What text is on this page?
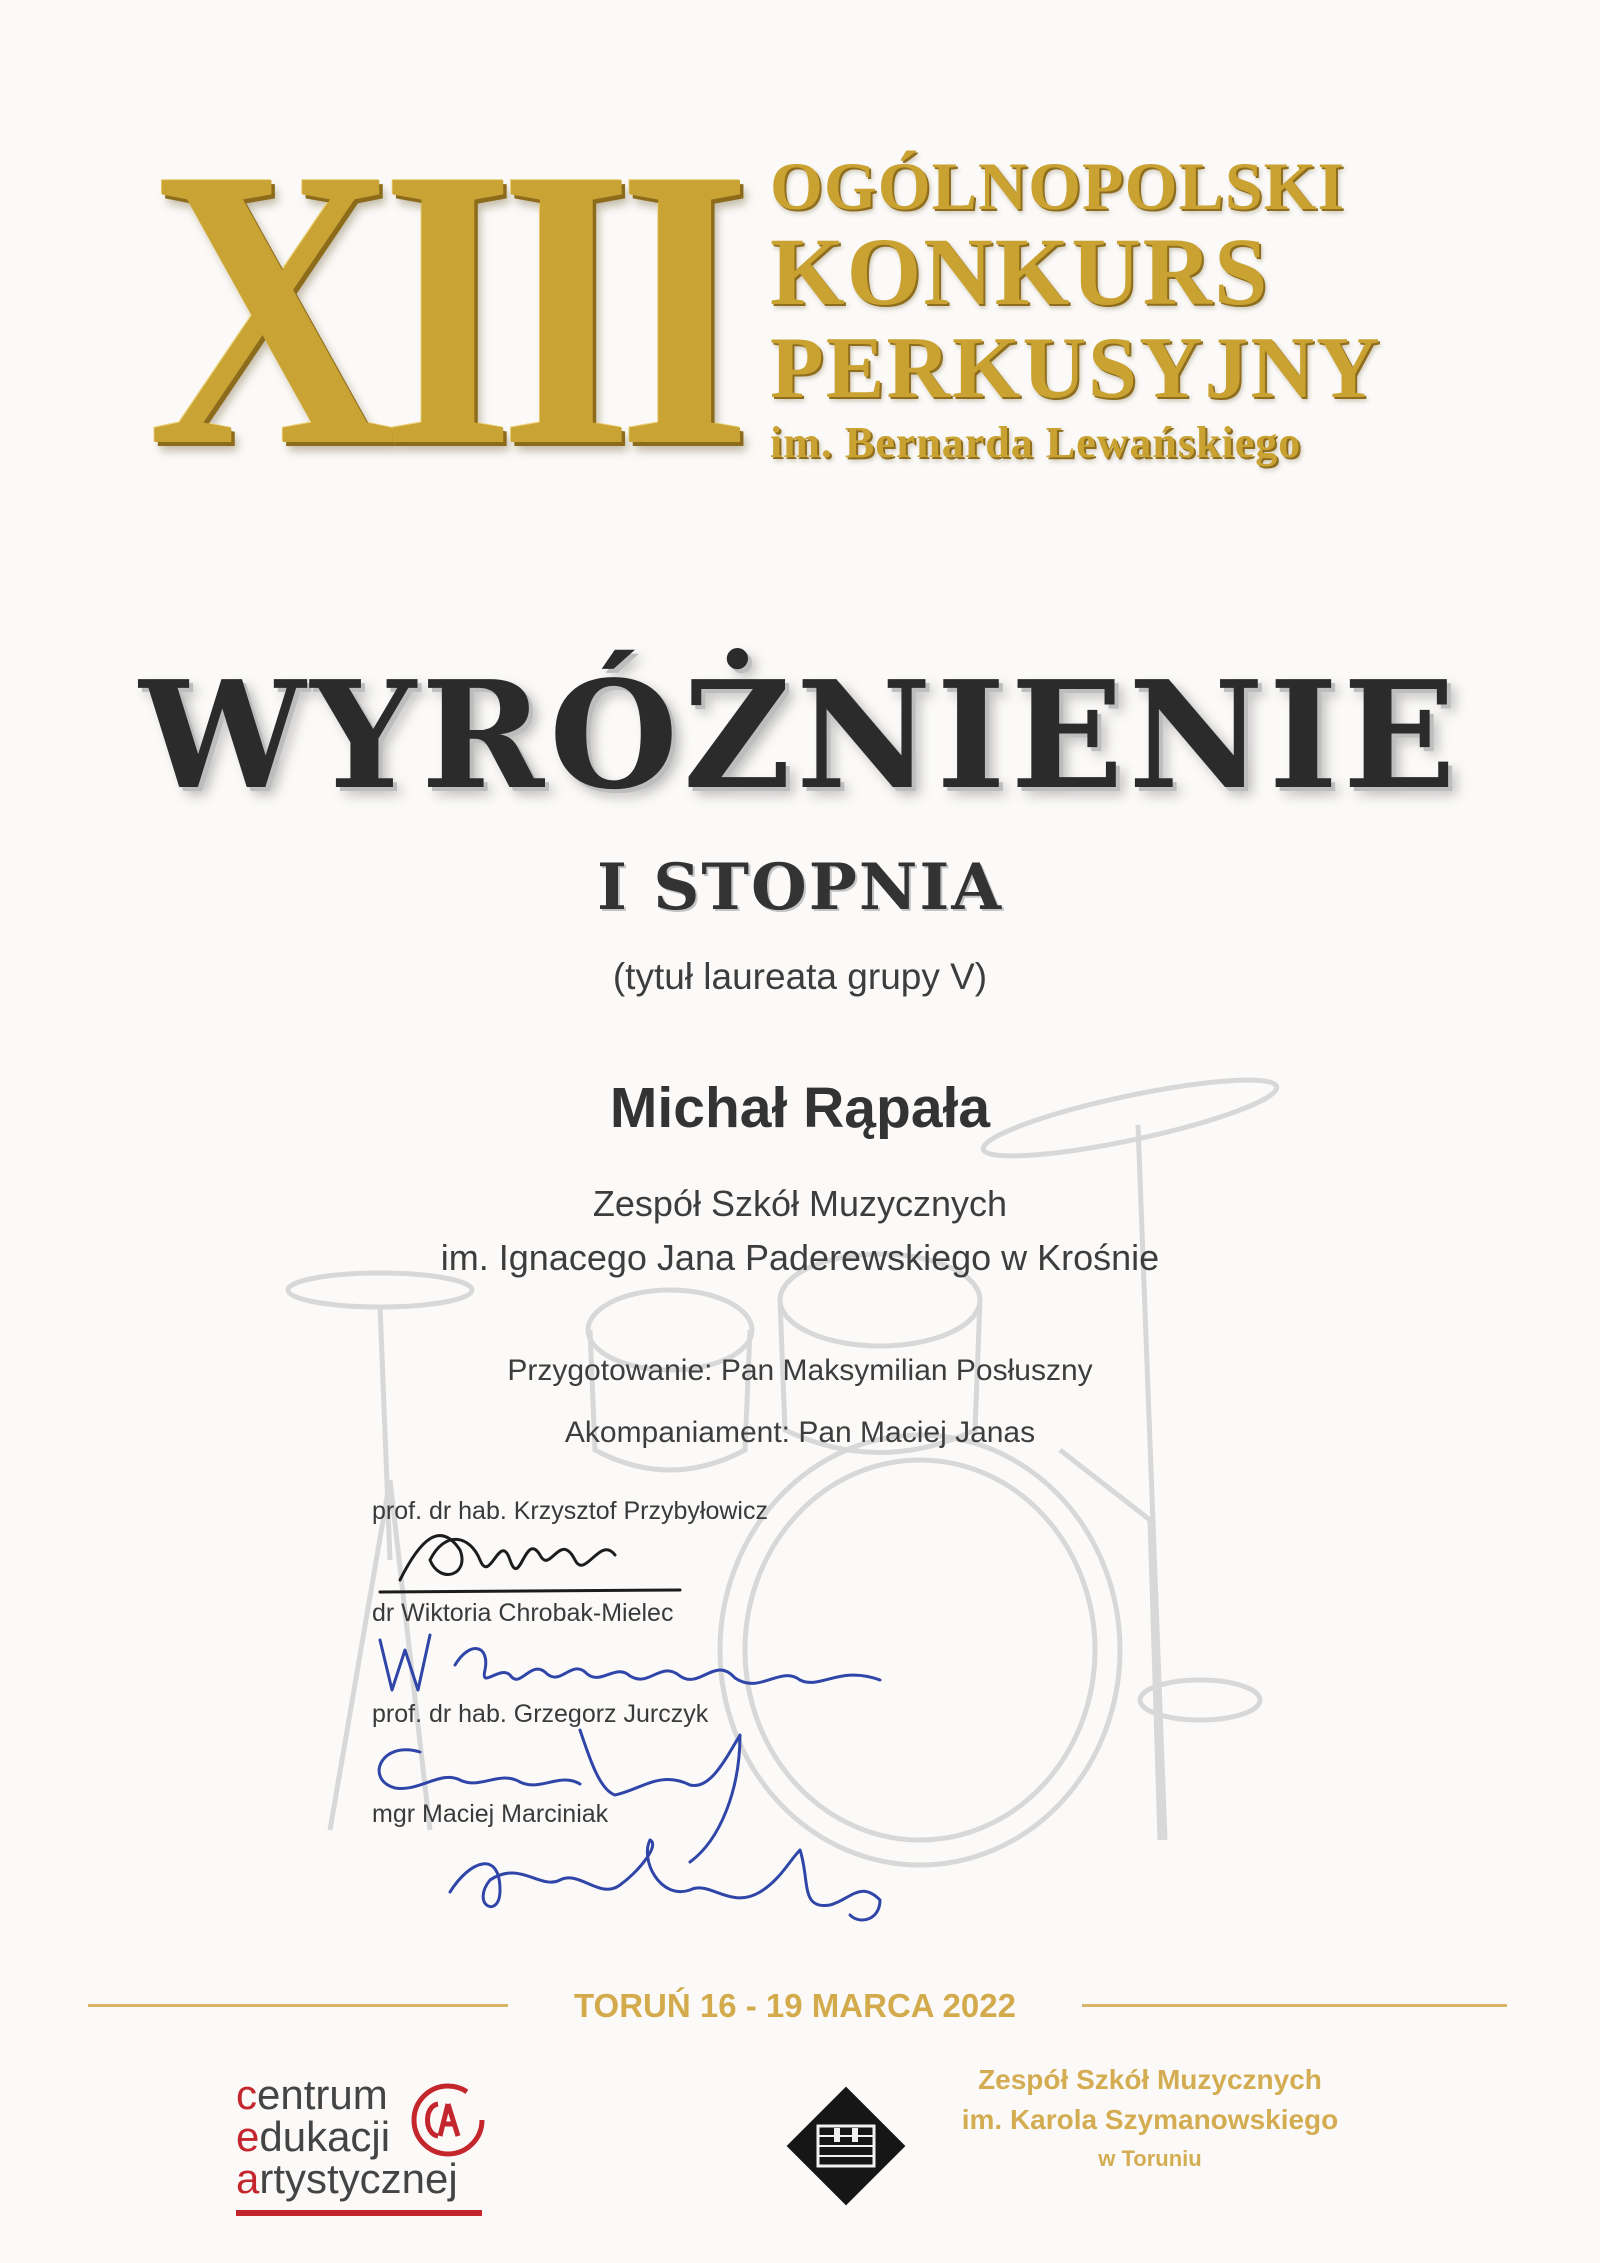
XIII OGÓLNOPOLSKI
KONKURS
PERKUSYJNY
im. Bernarda Lewańskiego
WYRÓŻNIENIE
I STOPNIA
(tytuł laureata grupy V)
Michał Rąpała
Zespół Szkół Muzycznych
im. Ignacego Jana Paderewskiego w Krośnie
Przygotowanie: Pan Maksymilian Posłuszny
Akompaniament: Pan Maciej Janas
prof. dr hab. Krzysztof Przybyłowicz
dr Wiktoria Chrobak-Mielec
prof. dr hab. Grzegorz Jurczyk
mgr Maciej Marciniak
TORUŃ 16 - 19 MARCA 2022
centrum
edukacji
artystycznej
Zespół Szkół Muzycznych
im. Karola Szymanowskiego
w Toruniu
